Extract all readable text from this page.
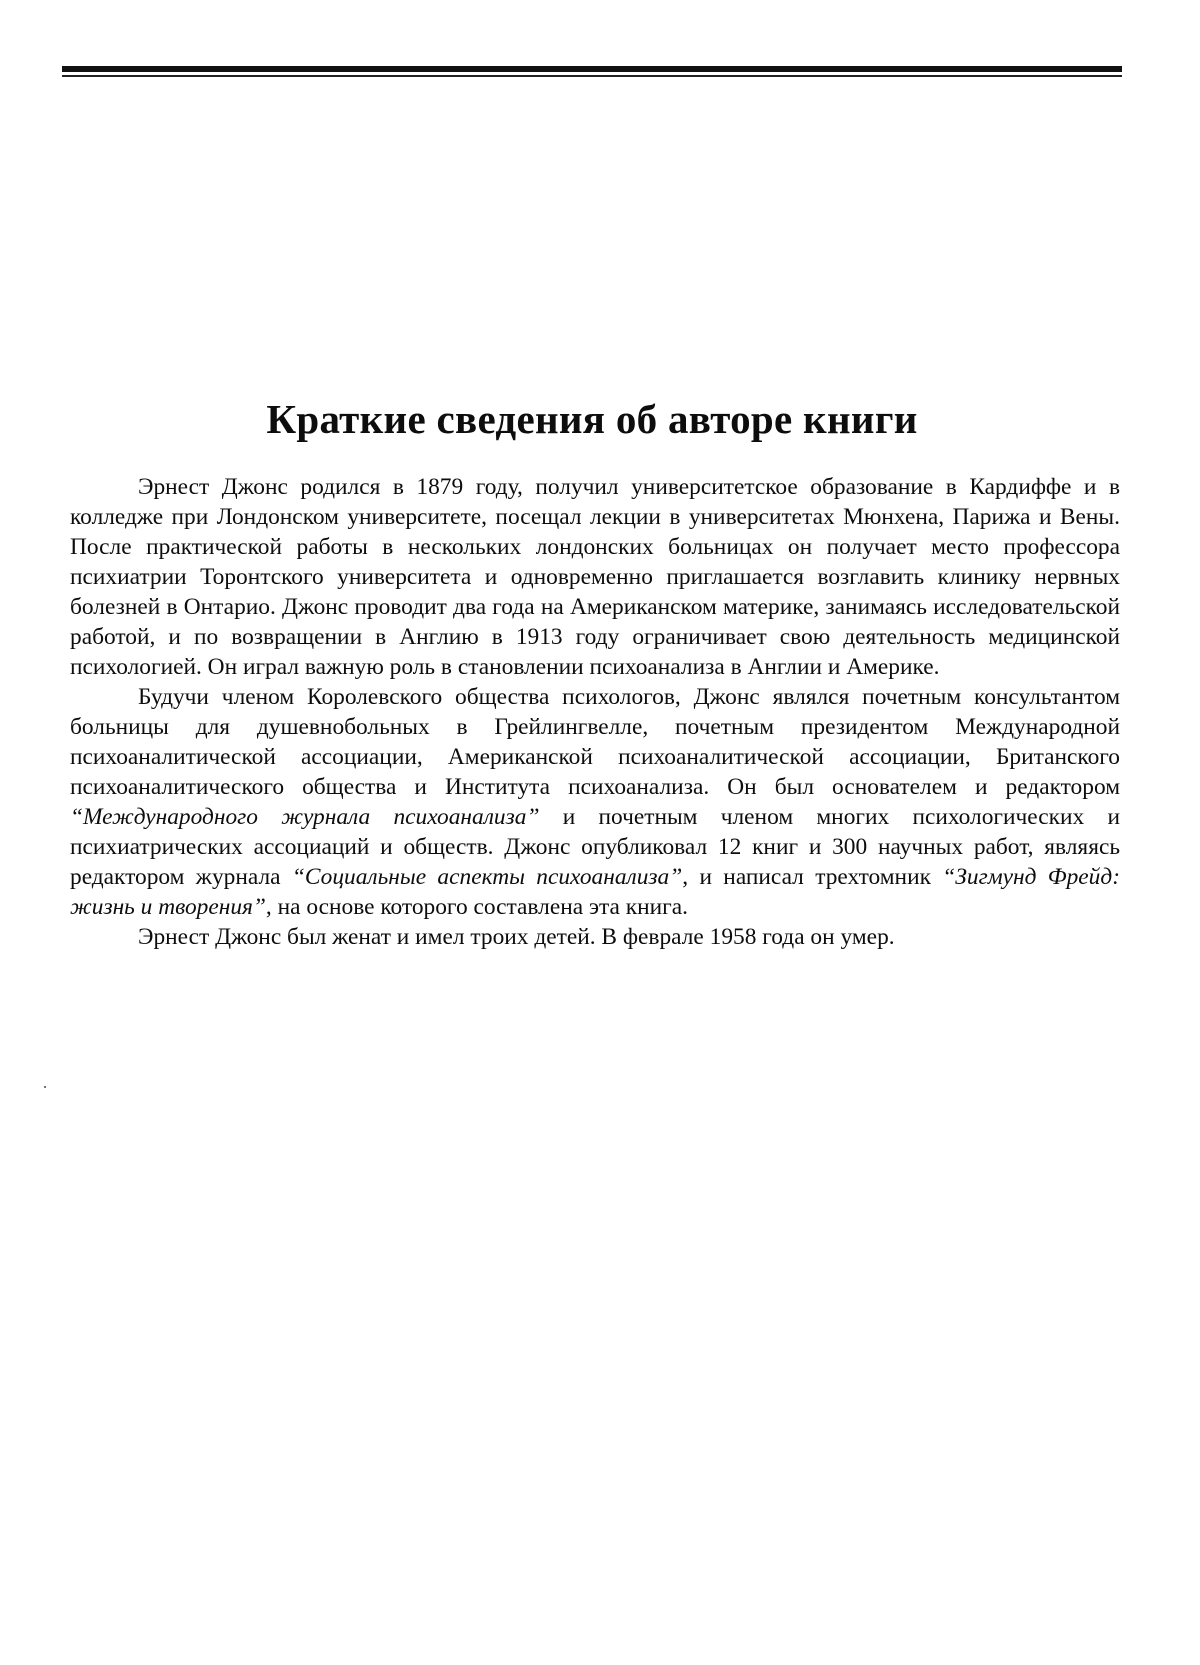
Краткие сведения об авторе книги

Эрнест Джонс родился в 1879 году, получил университетское образование в Кардиффе и в колледже при Лондонском университете, посещал лекции в университетах Мюнхена, Парижа и Вены. После практической работы в нескольких лондонских больницах он получает место профессора психиатрии Торонтского университета и одновременно приглашается возглавить клинику нервных болезней в Онтарио. Джонс проводит два года на Американском материке, занимаясь исследовательской работой, и по возвращении в Англию в 1913 году ограничивает свою деятельность медицинской психологией. Он играл важную роль в становлении психоанализа в Англии и Америке.

Будучи членом Королевского общества психологов, Джонс являлся почетным консультантом больницы для душевнобольных в Грейлингвелле, почетным президентом Международной психоаналитической ассоциации, Американской психоаналитической ассоциации, Британского психоаналитического общества и Института психоанализа. Он был основателем и редактором “Международного журнала психоанализа” и почетным членом многих психологических и психиатрических ассоциаций и обществ. Джонс опубликовал 12 книг и 300 научных работ, являясь редактором журнала “Социальные аспекты психоанализа”, и написал трехтомник “Зигмунд Фрейд: жизнь и творения”, на основе которого составлена эта книга.

Эрнест Джонс был женат и имел троих детей. В феврале 1958 года он умер.
